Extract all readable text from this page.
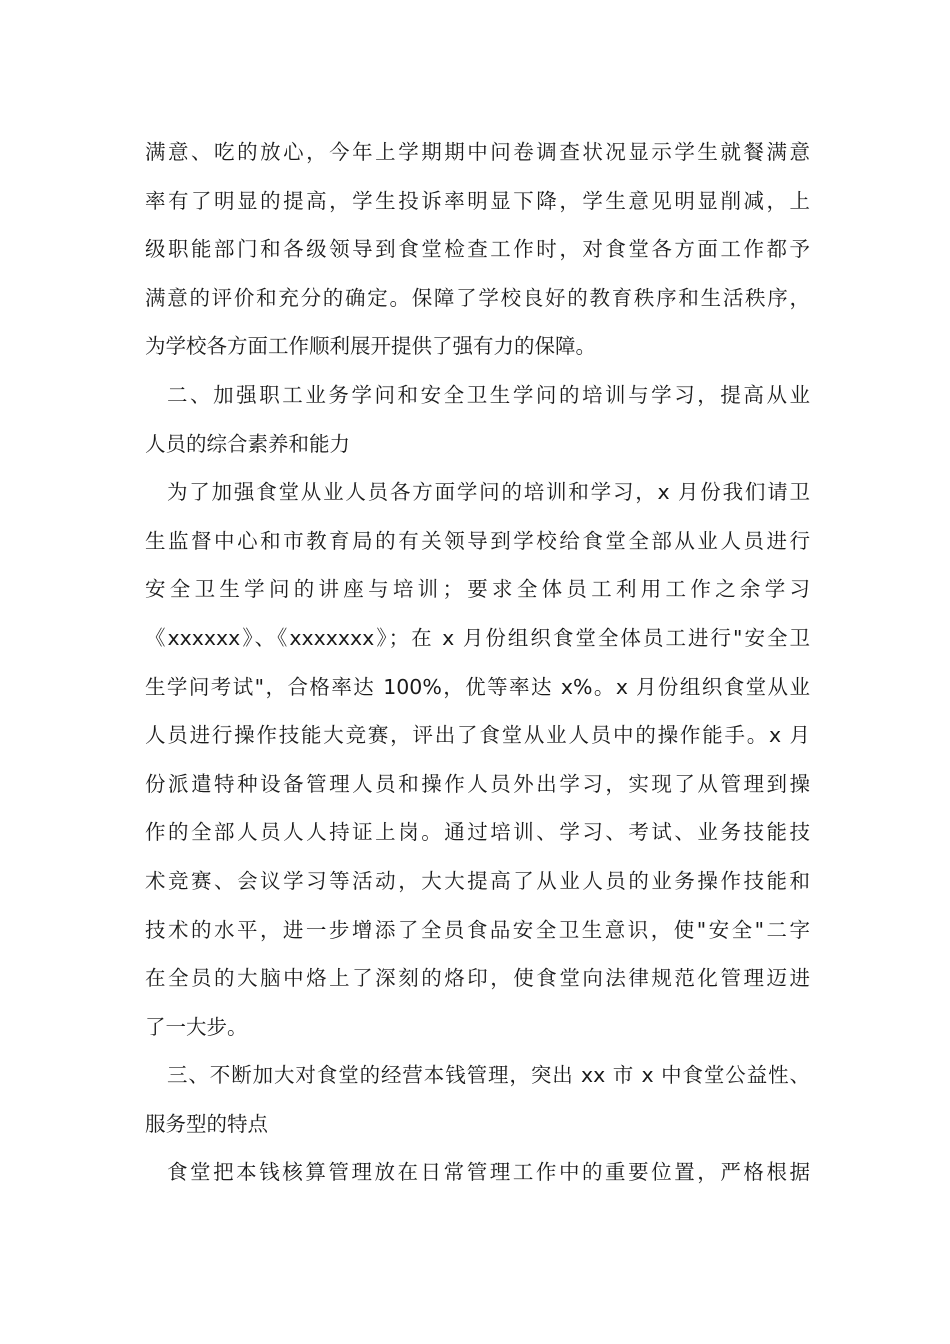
满意、吃的放心，今年上学期期中问卷调查状况显示学生就餐满意
率有了明显的提高，学生投诉率明显下降，学生意见明显削减，上
级职能部门和各级领导到食堂检查工作时，对食堂各方面工作都予
满意的评价和充分的确定。保障了学校良好的教育秩序和生活秩序，
为学校各方面工作顺利展开提供了强有力的保障。
二、加强职工业务学问和安全卫生学问的培训与学习，提高从业
人员的综合素养和能力
为了加强食堂从业人员各方面学问的培训和学习，x 月份我们请卫
生监督中心和市教育局的有关领导到学校给食堂全部从业人员进行
安全卫生学问的讲座与培训；要求全体员工利用工作之余学习
《xxxxxx》、《xxxxxxx》；在 x 月份组织食堂全体员工进行"安全卫
生学问考试"，合格率达 100%，优等率达 x%。x 月份组织食堂从业
人员进行操作技能大竞赛，评出了食堂从业人员中的操作能手。x 月
份派遣特种设备管理人员和操作人员外出学习，实现了从管理到操
作的全部人员人人持证上岗。通过培训、学习、考试、业务技能技
术竞赛、会议学习等活动，大大提高了从业人员的业务操作技能和
技术的水平，进一步增添了全员食品安全卫生意识，使"安全"二字
在全员的大脑中烙上了深刻的烙印，使食堂向法律规范化管理迈进
了一大步。
三、不断加大对食堂的经营本钱管理，突出 xx 市 x 中食堂公益性、
服务型的特点
食堂把本钱核算管理放在日常管理工作中的重要位置，严格根据
